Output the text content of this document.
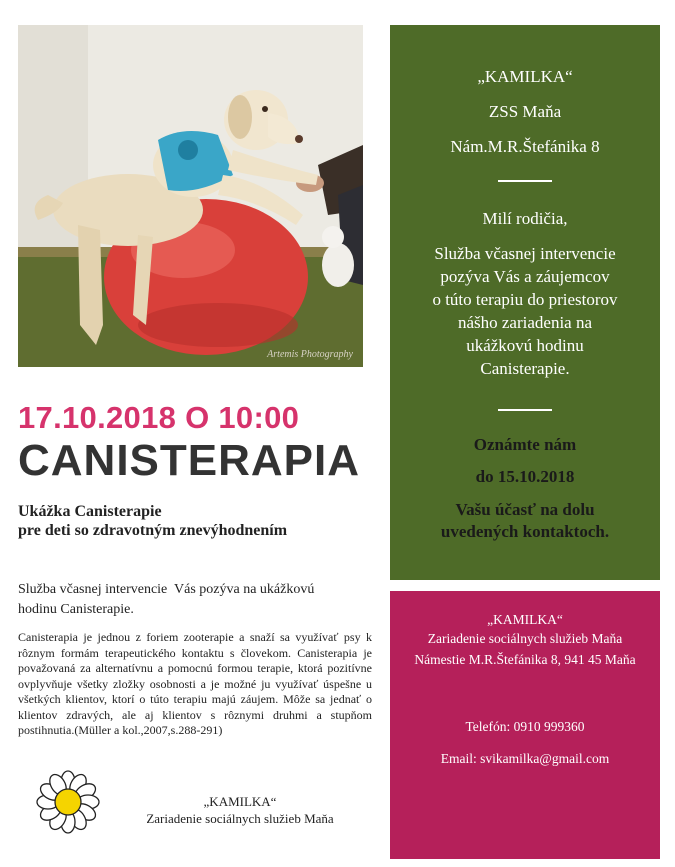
Artemis Photography
17.10.2018 O 10:00
CANISTERAPIA
Ukážka Canisterapie
pre deti so zdravotným znevýhodnením
Služba včasnej intervencie  Vás pozýva na ukážkovú
hodinu Canisterapie.
Canisterapia je jednou z foriem zooterapie a snaží sa využívať psy k rôznym formám terapeutického kontaktu s človekom. Canisterapia je považovaná za alternatívnu a pomocnú formou terapie, ktorá pozitívne ovplyvňuje všetky zložky osobnosti a je možné ju využívať úspešne u všetkých klientov, ktorí o túto terapiu majú záujem. Môže sa jednať o klientov zdravých, ale aj klientov s rôznymi druhmi a stupňom postihnutia.(Müller a kol.,2007,s.288-291)
„KAMILKA“
Zariadenie sociálnych služieb Maňa
„KAMILKA“
ZSS Maňa
Nám.M.R.Štefánika 8
Milí rodičia,
Služba včasnej intervencie
pozýva Vás a záujemcov
o túto terapiu do priestorov
nášho zariadenia na
ukážkovú hodinu
Canisterapie.
Oznámte nám
do 15.10.2018
Vašu účasť na dolu
uvedených kontaktoch.
„KAMILKA“
Zariadenie sociálnych služieb Maňa
Námestie M.R.Štefánika 8, 941 45 Maňa
Telefón: 0910 999360
Email: svikamilka@gmail.com
